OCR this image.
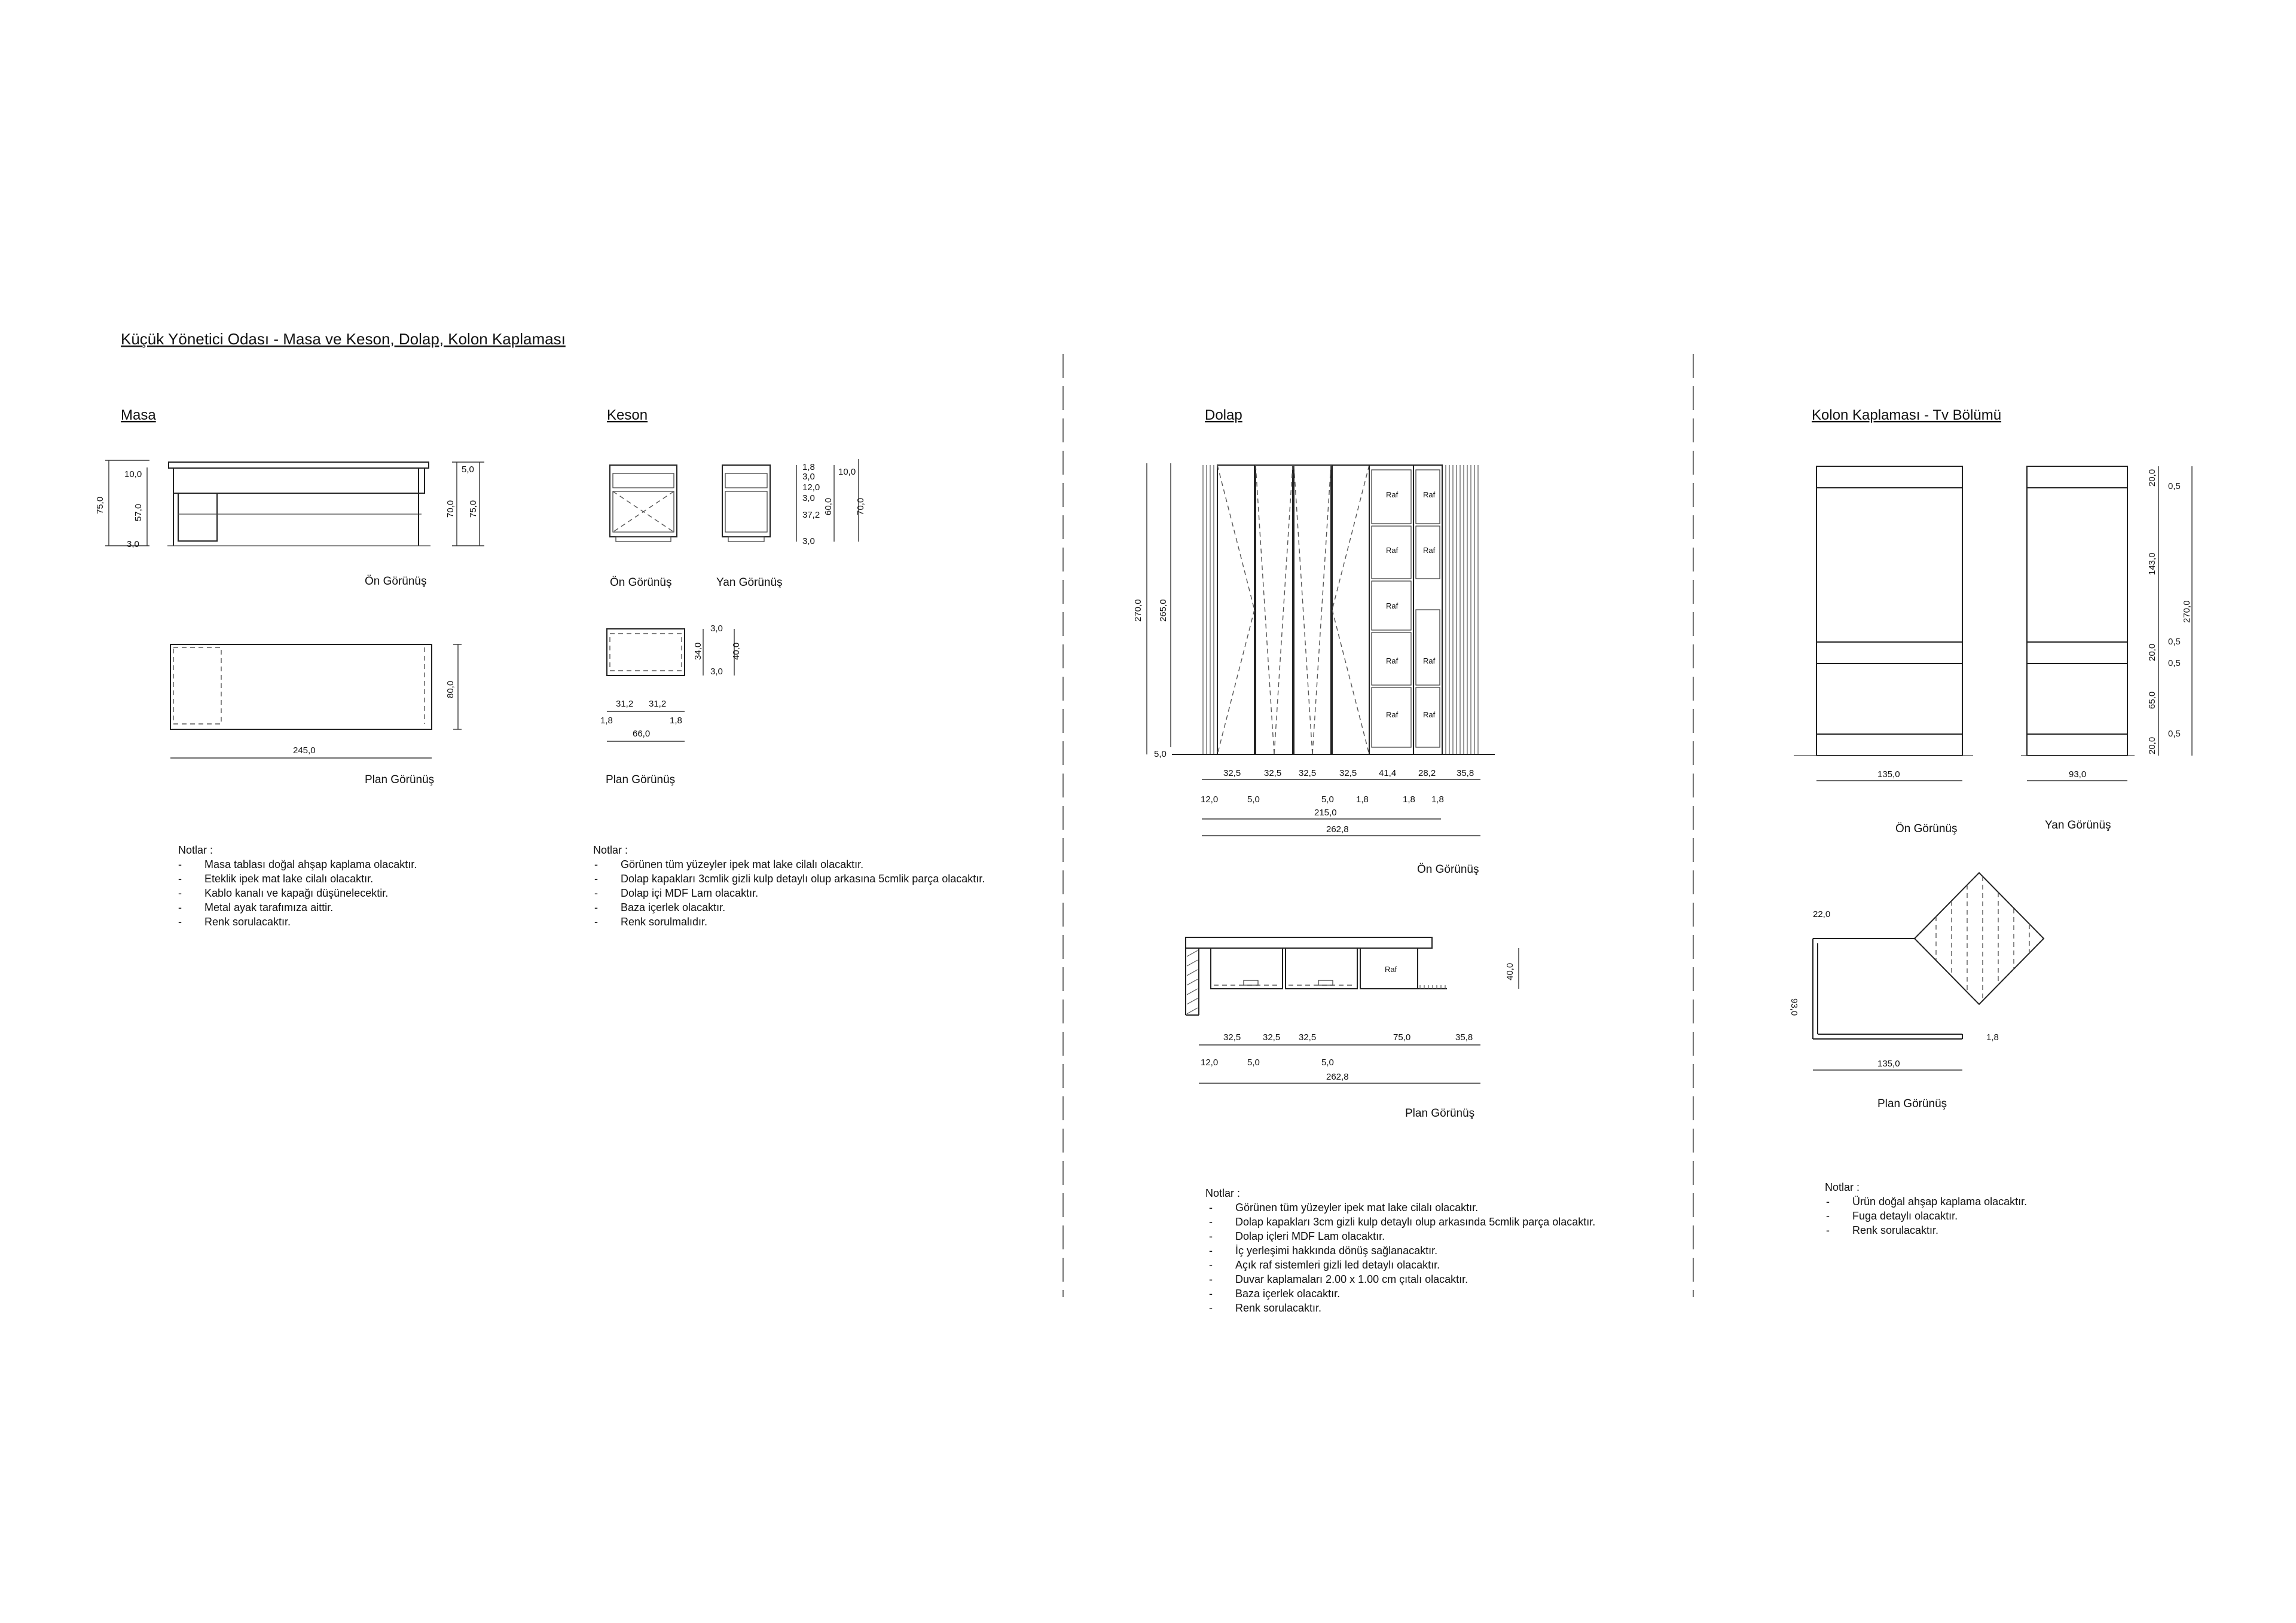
Küçük Yönetici Odası - Masa ve Keson, Dolap, Kolon Kaplaması
Masa
75,0
10,0
57,0
3,0
5,0
70,0 75,0
Ön Görünüş
80,0
245,0
Plan Görünüş
Notlar :
- Masa tablası doğal ahşap kaplama olacaktır.
- Eteklik ipek mat lake cilalı olacaktır.
- Kablo kanalı ve kapağı düşünelecektir.
- Metal ayak tarafımıza aittir.
- Renk sorulacaktır.
Keson
Ön Görünüş
1,8
3,0
12,0
3,0
37,2
3,0
60,0
10,0
70,0
Yan Görünüş
3,0
34,0	40,0
3,0
31,2 31,2
1,8	1,8
66,0
Plan Görünüş
Notlar :
- Görünen tüm yüzeyler ipek mat lake cilalı olacaktır.
- Dolap kapakları 3cmlik gizli kulp detaylı olup arkasına 5cmlik parça olacaktır.
- Dolap içi MDF Lam olacaktır.
- Baza içerlek olacaktır.
- Renk sorulmalıdır.
Dolap
Raf	Raf
Raf	Raf
Raf
Raf	Raf
Raf	Raf
270,0 265,0
5,0
32,5	32,5 32,5	32,5 41,4 28,2 35,8
12,0	5,0	5,0 1,8	1,8 1,8
215,0
262,8
Ön Görünüş
Raf	40,0
32,5 32,5 32,5	75,0	35,8
12,0	5,0	5,0
262,8
Plan Görünüş
Notlar :
- Görünen tüm yüzeyler ipek mat lake cilalı olacaktır.
- Dolap kapakları 3cm gizli kulp detaylı olup arkasında 5cmlik parça olacaktır.
- Dolap içleri MDF Lam olacaktır.
- İç yerleşimi hakkında dönüş sağlanacaktır.
- Açık raf sistemleri gizli led detaylı olacaktır.
- Duvar kaplamaları 2.00 x 1.00 cm çıtalı olacaktır.
- Baza içerlek olacaktır.
- Renk sorulacaktır.
Kolon Kaplaması - Tv Bölümü
135,0
Ön Görünüş
93,0
20,0 0,5
143,0
20,0
0,5
0,5
65,0
20,0
0,5
270,0
Yan Görünüş
22,0
93,0
135,0
1,8
Plan Görünüş
Notlar :
- Ürün doğal ahşap kaplama olacaktır.
- Fuga detaylı olacaktır.
- Renk sorulacaktır.
